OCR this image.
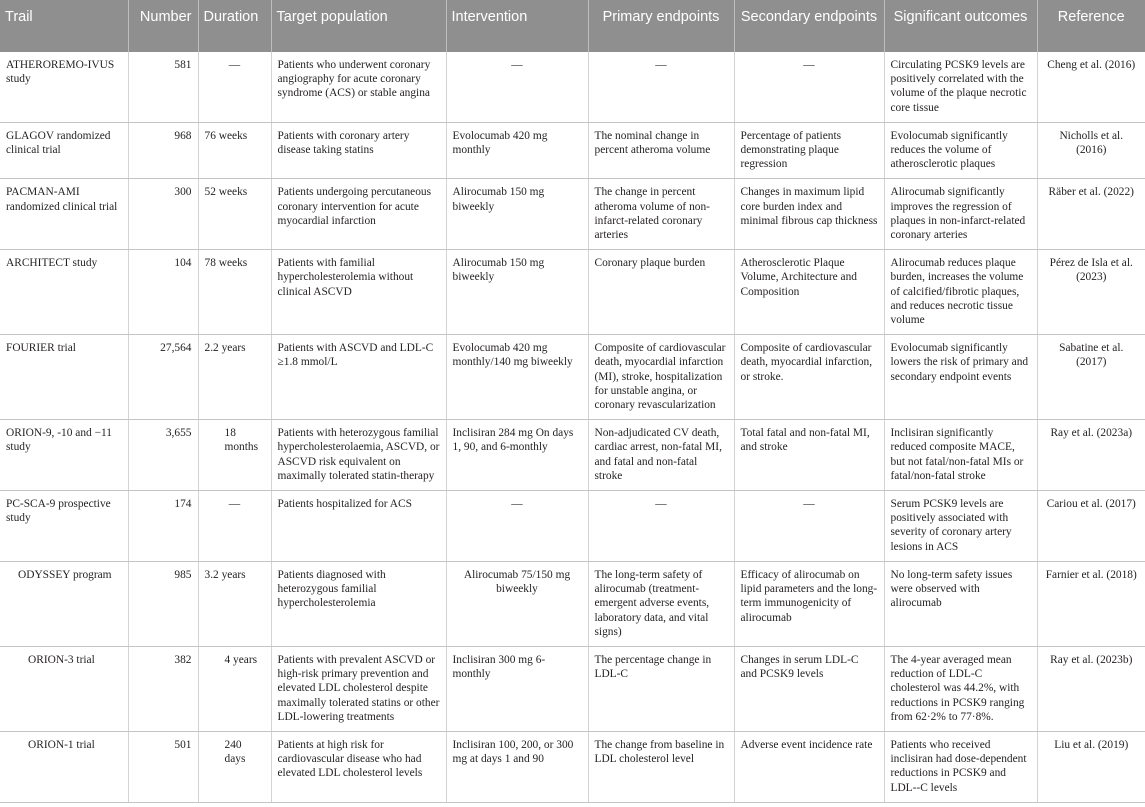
Trail	Number	Duration	Target population	Intervention	Primary endpoints	Secondary endpoints	Significant outcomes	Reference

ATHEROREMO-IVUS study	581	—	Patients who underwent coronary angiography for acute coronary syndrome (ACS) or stable angina	—	—	—	Circulating PCSK9 levels are positively correlated with the volume of the plaque necrotic core tissue	Cheng et al. (2016)
GLAGOV randomized clinical trial	968	76 weeks	Patients with coronary artery disease taking statins	Evolocumab 420 mg monthly	The nominal change in percent atheroma volume	Percentage of patients demonstrating plaque regression	Evolocumab significantly reduces the volume of atherosclerotic plaques	Nicholls et al. (2016)
PACMAN-AMI randomized clinical trial	300	52 weeks	Patients undergoing percutaneous coronary intervention for acute myocardial infarction	Alirocumab 150 mg biweekly	The change in percent atheroma volume of non-infarct-related coronary arteries	Changes in maximum lipid core burden index and minimal fibrous cap thickness	Alirocumab significantly improves the regression of plaques in non-infarct-related coronary arteries	Räber et al. (2022)
ARCHITECT study	104	78 weeks	Patients with familial hypercholesterolemia without clinical ASCVD	Alirocumab 150 mg biweekly	Coronary plaque burden	Atherosclerotic Plaque Volume, Architecture and Composition	Alirocumab reduces plaque burden, increases the volume of calcified/fibrotic plaques, and reduces necrotic tissue volume	Pérez de Isla et al. (2023)
FOURIER trial	27,564	2.2 years	Patients with ASCVD and LDL-C ≥1.8 mmol/L	Evolocumab 420 mg monthly/140 mg biweekly	Composite of cardiovascular death, myocardial infarction (MI), stroke, hospitalization for unstable angina, or coronary revascularization	Composite of cardiovascular death, myocardial infarction, or stroke.	Evolocumab significantly lowers the risk of primary and secondary endpoint events	Sabatine et al. (2017)
ORION-9, -10 and −11 study	3,655	18 months	Patients with heterozygous familial hypercholesterolaemia, ASCVD, or ASCVD risk equivalent on maximally tolerated statin-therapy	Inclisiran 284 mg On days 1, 90, and 6-monthly	Non-adjudicated CV death, cardiac arrest, non-fatal MI, and fatal and non-fatal stroke	Total fatal and non-fatal MI, and stroke	Inclisiran significantly reduced composite MACE, but not fatal/non-fatal MIs or fatal/non-fatal stroke	Ray et al. (2023a)
PC-SCA-9 prospective study	174	—	Patients hospitalized for ACS	—	—	—	Serum PCSK9 levels are positively associated with severity of coronary artery lesions in ACS	Cariou et al. (2017)
ODYSSEY program	985	3.2 years	Patients diagnosed with heterozygous familial hypercholesterolemia	Alirocumab 75/150 mg biweekly	The long-term safety of alirocumab (treatment-emergent adverse events, laboratory data, and vital signs)	Efficacy of alirocumab on lipid parameters and the long-term immunogenicity of alirocumab	No long-term safety issues were observed with alirocumab	Farnier et al. (2018)
ORION-3 trial	382	4 years	Patients with prevalent ASCVD or high-risk primary prevention and elevated LDL cholesterol despite maximally tolerated statins or other LDL-lowering treatments	Inclisiran 300 mg 6-monthly	The percentage change in LDL-C	Changes in serum LDL-C and PCSK9 levels	The 4-year averaged mean reduction of LDL-C cholesterol was 44.2%, with reductions in PCSK9 ranging from 62·2% to 77·8%.	Ray et al. (2023b)
ORION-1 trial	501	240 days	Patients at high risk for cardiovascular disease who had elevated LDL cholesterol levels	Inclisiran 100, 200, or 300 mg at days 1 and 90	The change from baseline in LDL cholesterol level	Adverse event incidence rate	Patients who received inclisiran had dose-dependent reductions in PCSK9 and LDL--C levels	Liu et al. (2019)
